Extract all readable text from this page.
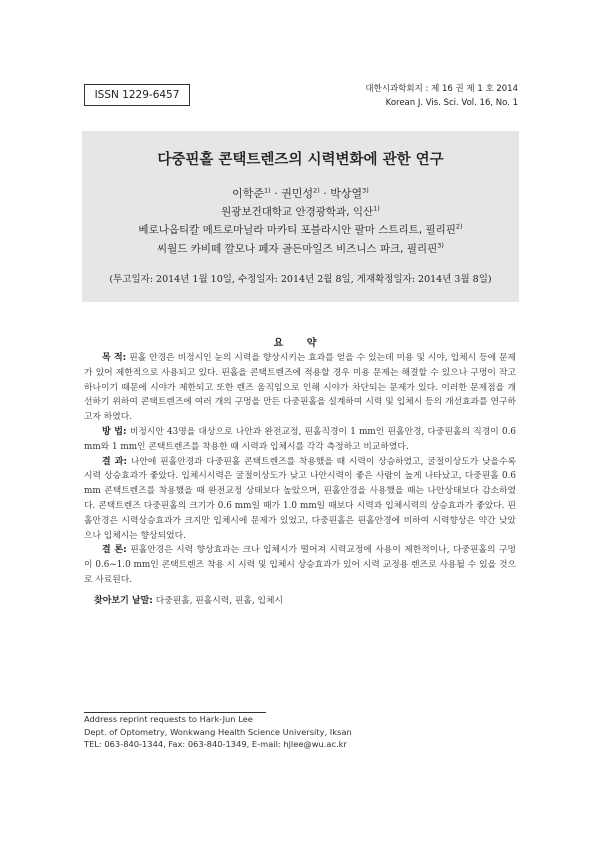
ISSN 1229-6457	대한시과학회지 : 제 16 권 제 1 호 2014
Korean J. Vis. Sci. Vol. 16, No. 1
다중핀홀 콘택트렌즈의 시력변화에 관한 연구
이학준$^{1)}$ · 권민성$^{2)}$ · 박상열$^{3)}$
원광보건대학교 안경광학과, 익산$^{1)}$
베로나옵티칼 메트로마닐라 마카티 포블라시안 팔마 스트리트, 필리핀$^{2)}$
씨월드 카비떼 깔모나 페자 골든마일즈 비즈니스 파크, 필리핀$^{3)}$
(투고일자: 2014년 1월 10일, 수정일자: 2014년 2월 8일, 게재확정일자: 2014년 3월 8일)
요 약

목 적: 핀홀 안경은 비정시인 눈의 시력을 향상시키는 효과를 얻을 수 있는데 미용 및 시야, 입체시 등에 문제가 있어 제한적으로 사용되고 있다. 핀홀을 콘택트렌즈에 적용할 경우 미용 문제는 해결할 수 있으나 구멍이 작고 하나이기 때문에 시야가 제한되고 또한 렌즈 움직임으로 인해 시야가 차단되는 문제가 있다. 이러한 문제점을 개선하기 위하여 콘택트렌즈에 여러 개의 구멍을 만든 다중핀홀을 설계하여 시력 및 입체시 등의 개선효과를 연구하고자 하였다.

방 법: 비정시안 43명을 대상으로 나안과 완전교정, 핀홀직경이 1 mm인 핀홀안경, 다중핀홀의 직경이 0.6 mm와 1 mm인 콘택트렌즈를 착용한 때 시력과 입체시를 각각 측정하고 비교하였다.

결 과: 나안에 핀홀안경과 다중핀홀 콘택트렌즈를 착용했을 때 시력이 상승하였고, 굴절이상도가 낮을수록 시력 상승효과가 좋았다. 입체시시력은 굴절이상도가 낮고 나안시력이 좋은 사람이 높게 나타났고, 다중핀홀 0.6 mm 콘택트렌즈를 착용했을 때 완전교정 상태보다 높았으며, 핀홀안경을 사용했을 때는 나안상태보다 감소하였다. 콘택트렌즈 다중핀홀의 크기가 0.6 mm일 때가 1.0 mm일 때보다 시력과 입체시력의 상승효과가 좋았다. 핀홀안경은 시력상승효과가 크지만 입체시에 문제가 있었고, 다중핀홀은 핀홀안경에 비하여 시력향상은 약간 낮았으나 입체시는 향상되었다.

결 론: 핀홀안경은 시력 향상효과는 크나 입체시가 떨어져 시력교정에 사용이 제한적이나, 다중핀홀의 구멍이 0.6~1.0 mm인 콘택트렌즈 착용 시 시력 및 입체시 상승효과가 있어 시력 교정용 렌즈로 사용될 수 있을 것으로 사료된다.

찾아보기 낱말: 다중핀홀, 핀홀시력, 핀홀, 입체시

Address reprint requests to Hark-Jun Lee
Dept. of Optometry, Wonkwang Health Science University, Iksan
TEL: 063-840-1344, Fax: 063-840-1349, E-mail: hjlee@wu.ac.kr
